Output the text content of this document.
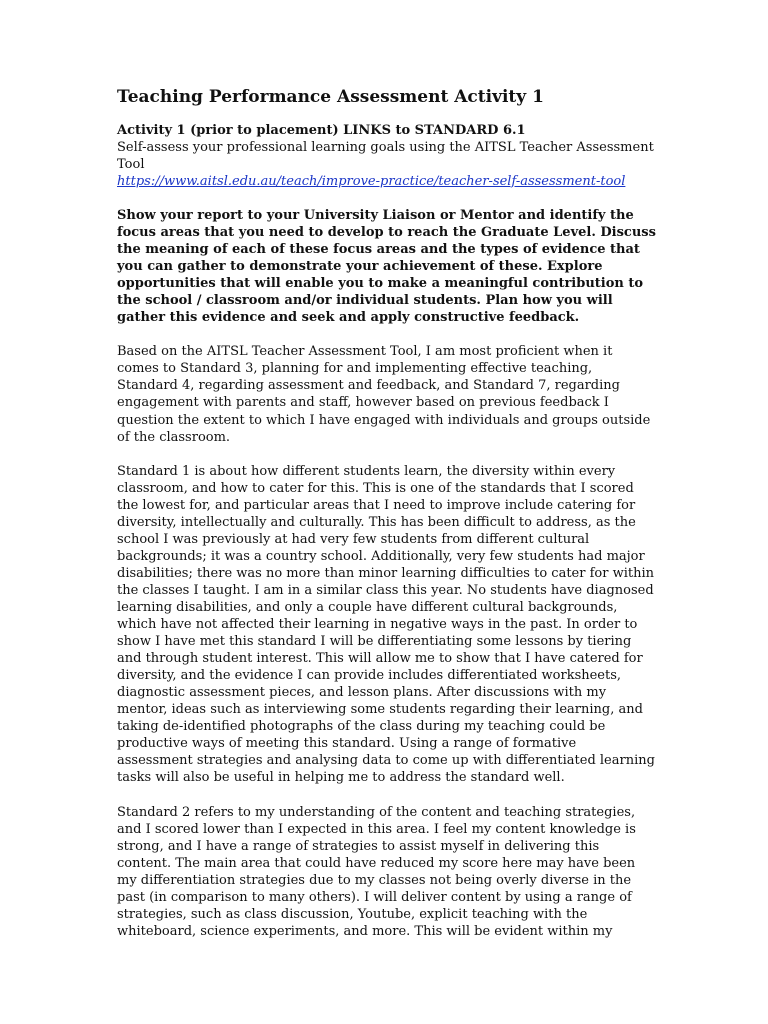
Teaching Performance Assessment Activity 1
Activity 1 (prior to placement) LINKS to STANDARD 6.1
Self-assess your professional learning goals using the AITSL Teacher Assessment Tool
https://www.aitsl.edu.au/teach/improve-practice/teacher-self-assessment-tool
Show your report to your University Liaison or Mentor and identify the focus areas that you need to develop to reach the Graduate Level. Discuss the meaning of each of these focus areas and the types of evidence that you can gather to demonstrate your achievement of these. Explore opportunities that will enable you to make a meaningful contribution to the school / classroom and/or individual students. Plan how you will gather this evidence and seek and apply constructive feedback.
Based on the AITSL Teacher Assessment Tool, I am most proficient when it comes to Standard 3, planning for and implementing effective teaching, Standard 4, regarding assessment and feedback, and Standard 7, regarding engagement with parents and staff, however based on previous feedback I question the extent to which I have engaged with individuals and groups outside of the classroom.
Standard 1 is about how different students learn, the diversity within every classroom, and how to cater for this. This is one of the standards that I scored the lowest for, and particular areas that I need to improve include catering for diversity, intellectually and culturally. This has been difficult to address, as the school I was previously at had very few students from different cultural backgrounds; it was a country school. Additionally, very few students had major disabilities; there was no more than minor learning difficulties to cater for within the classes I taught. I am in a similar class this year. No students have diagnosed learning disabilities, and only a couple have different cultural backgrounds, which have not affected their learning in negative ways in the past. In order to show I have met this standard I will be differentiating some lessons by tiering and through student interest. This will allow me to show that I have catered for diversity, and the evidence I can provide includes differentiated worksheets, diagnostic assessment pieces, and lesson plans. After discussions with my mentor, ideas such as interviewing some students regarding their learning, and taking de-identified photographs of the class during my teaching could be productive ways of meeting this standard. Using a range of formative assessment strategies and analysing data to come up with differentiated learning tasks will also be useful in helping me to address the standard well.
Standard 2 refers to my understanding of the content and teaching strategies, and I scored lower than I expected in this area. I feel my content knowledge is strong, and I have a range of strategies to assist myself in delivering this content. The main area that could have reduced my score here may have been my differentiation strategies due to my classes not being overly diverse in the past (in comparison to many others). I will deliver content by using a range of strategies, such as class discussion, Youtube, explicit teaching with the whiteboard, science experiments, and more. This will be evident within my
